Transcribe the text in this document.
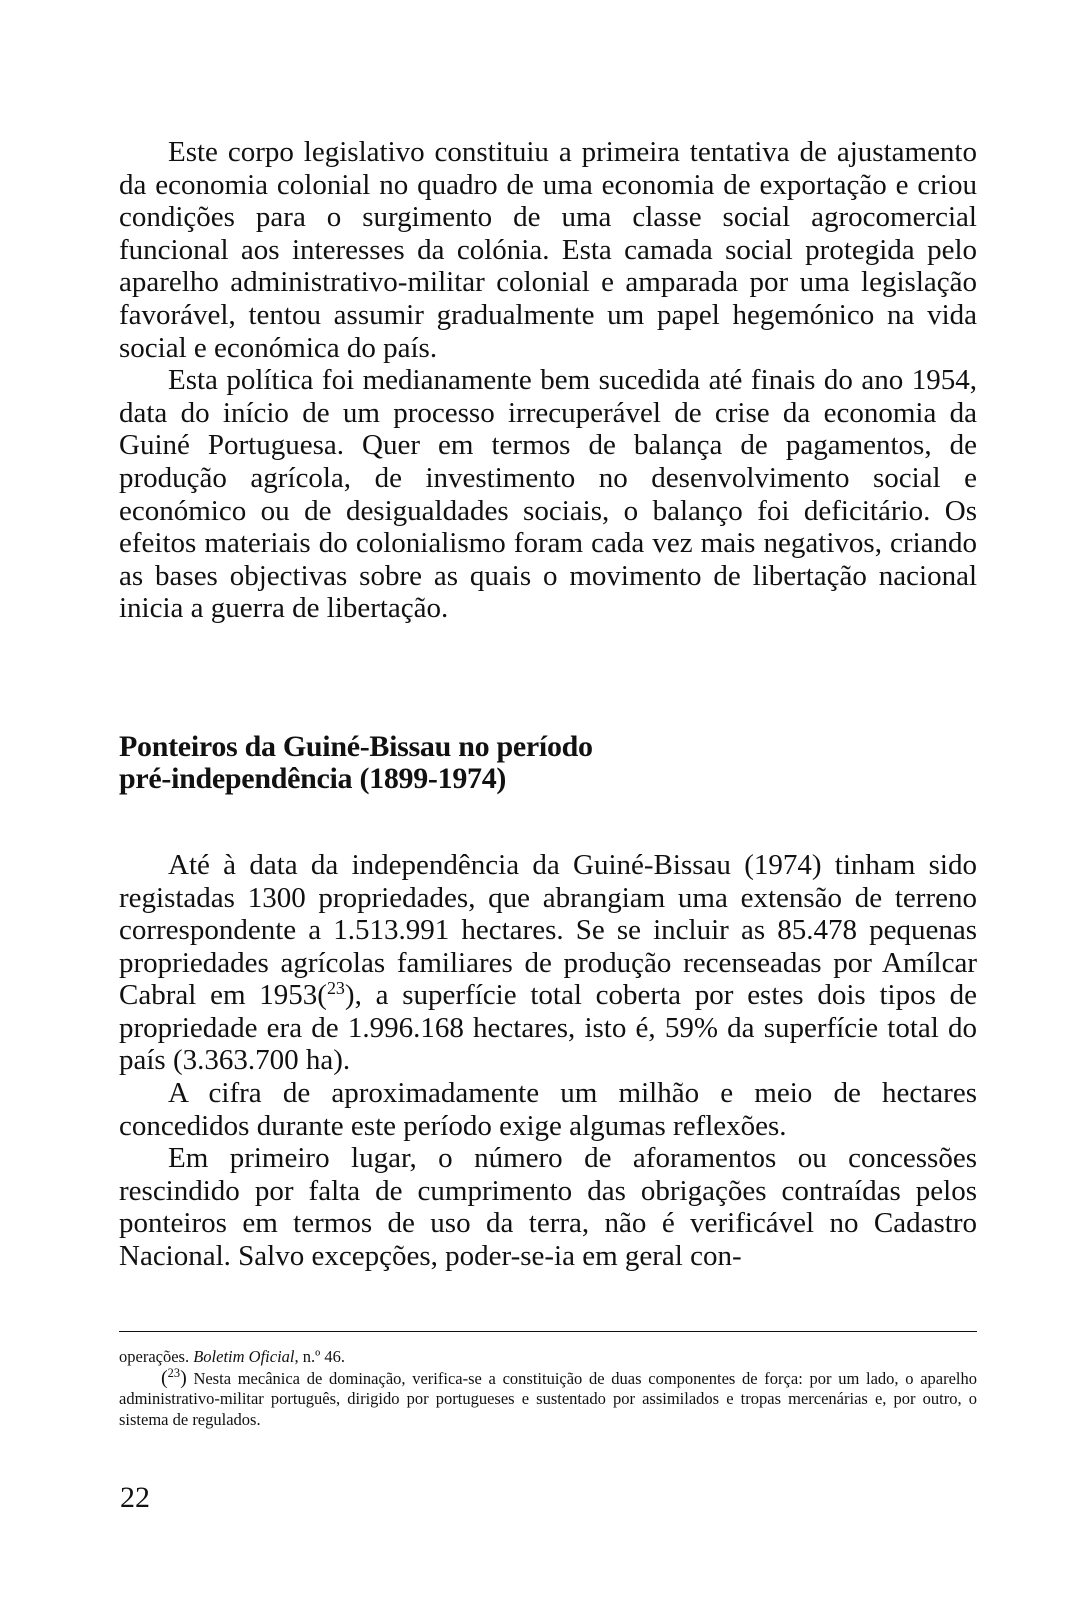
Este corpo legislativo constituiu a primeira tentativa de ajustamento da economia colonial no quadro de uma economia de exportação e criou condições para o surgimento de uma classe social agrocomercial funcional aos interesses da colónia. Esta camada social protegida pelo aparelho administrativo-militar colonial e amparada por uma legislação favorável, tentou assumir gradualmente um papel hegemónico na vida social e económica do país.

Esta política foi medianamente bem sucedida até finais do ano 1954, data do início de um processo irrecuperável de crise da economia da Guiné Portuguesa. Quer em termos de balança de pagamentos, de produção agrícola, de investimento no desenvolvimento social e económico ou de desigualdades sociais, o balanço foi deficitário. Os efeitos materiais do colonialismo foram cada vez mais negativos, criando as bases objectivas sobre as quais o movimento de libertação nacional inicia a guerra de libertação.

Ponteiros da Guiné-Bissau no período
pré-independência (1899-1974)

Até à data da independência da Guiné-Bissau (1974) tinham sido registadas 1300 propriedades, que abrangiam uma extensão de terreno correspondente a 1.513.991 hectares. Se se incluir as 85.478 pequenas propriedades agrícolas familiares de produção recenseadas por Amílcar Cabral em 1953($^{23}$), a superfície total coberta por estes dois tipos de propriedade era de 1.996.168 hectares, isto é, 59% da superfície total do país (3.363.700 ha).

A cifra de aproximadamente um milhão e meio de hectares concedidos durante este período exige algumas reflexões.

Em primeiro lugar, o número de aforamentos ou concessões rescindido por falta de cumprimento das obrigações contraídas pelos ponteiros em termos de uso da terra, não é verificável no Cadastro Nacional. Salvo excepções, poder-se-ia em geral con-

operações. Boletim Oficial, n.º 46.

($^{23}$) Nesta mecânica de dominação, verifica-se a constituição de duas componentes de força: por um lado, o aparelho administrativo-militar português, dirigido por portugueses e sustentado por assimilados e tropas mercenárias e, por outro, o sistema de regulados.

22
